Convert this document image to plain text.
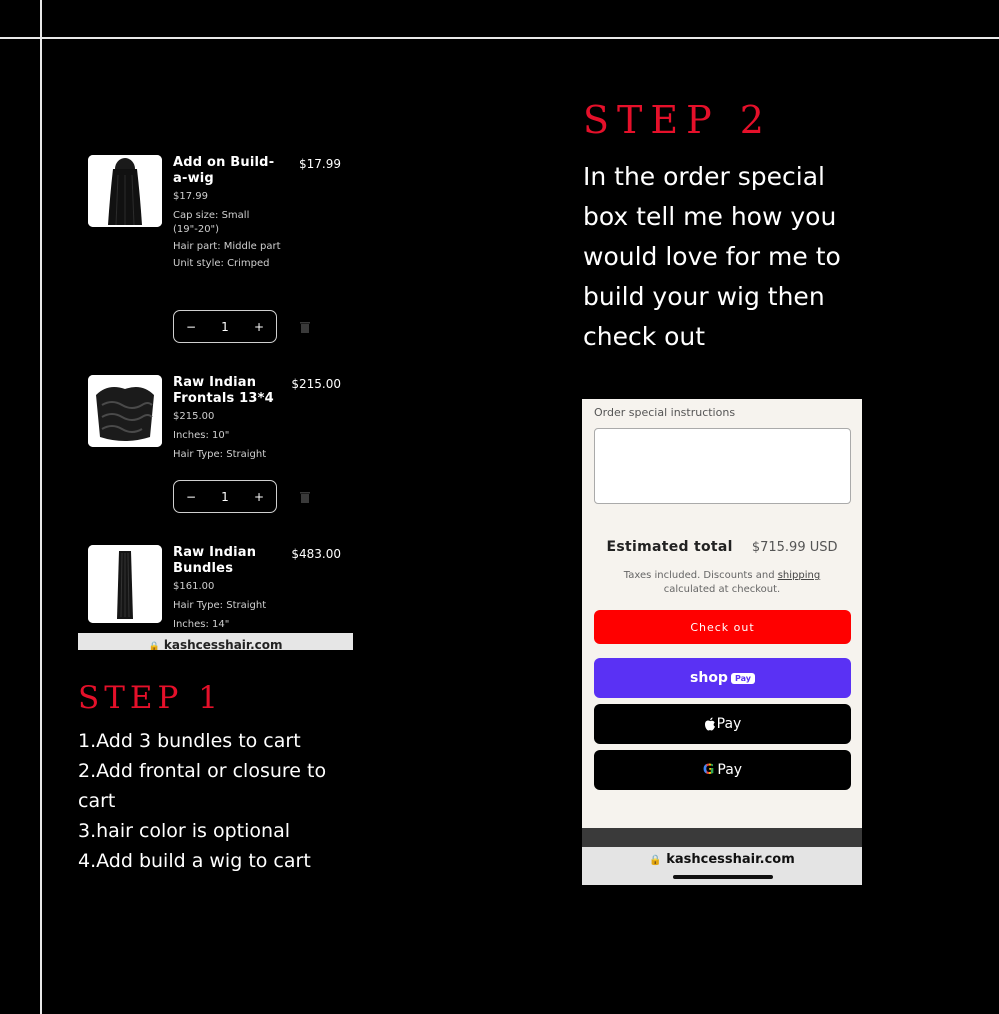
Add on Build-a-wig
$17.99
Cap size: Small (19"-20")
Hair part: Middle part
Unit style: Crimped
$17.99
−	1	+
Raw Indian Frontals 13*4
$215.00
Inches: 10"
Hair Type: Straight
$215.00
−	1	+
Raw Indian Bundles
$161.00
Hair Type: Straight
Inches: 14"
$483.00
🔒 kashcesshair.com
STEP 1
1.Add 3 bundles to cart
2.Add frontal or closure to cart
3.hair color is optional
4.Add build a wig to cart
STEP 2
In the order special box tell me how you would love for me to build your wig then check out
Order special instructions
Estimated total $715.99 USD
Taxes included. Discounts and shipping calculated at checkout.
Check out
shop Pay
Pay
G Pay
🔒 kashcesshair.com
